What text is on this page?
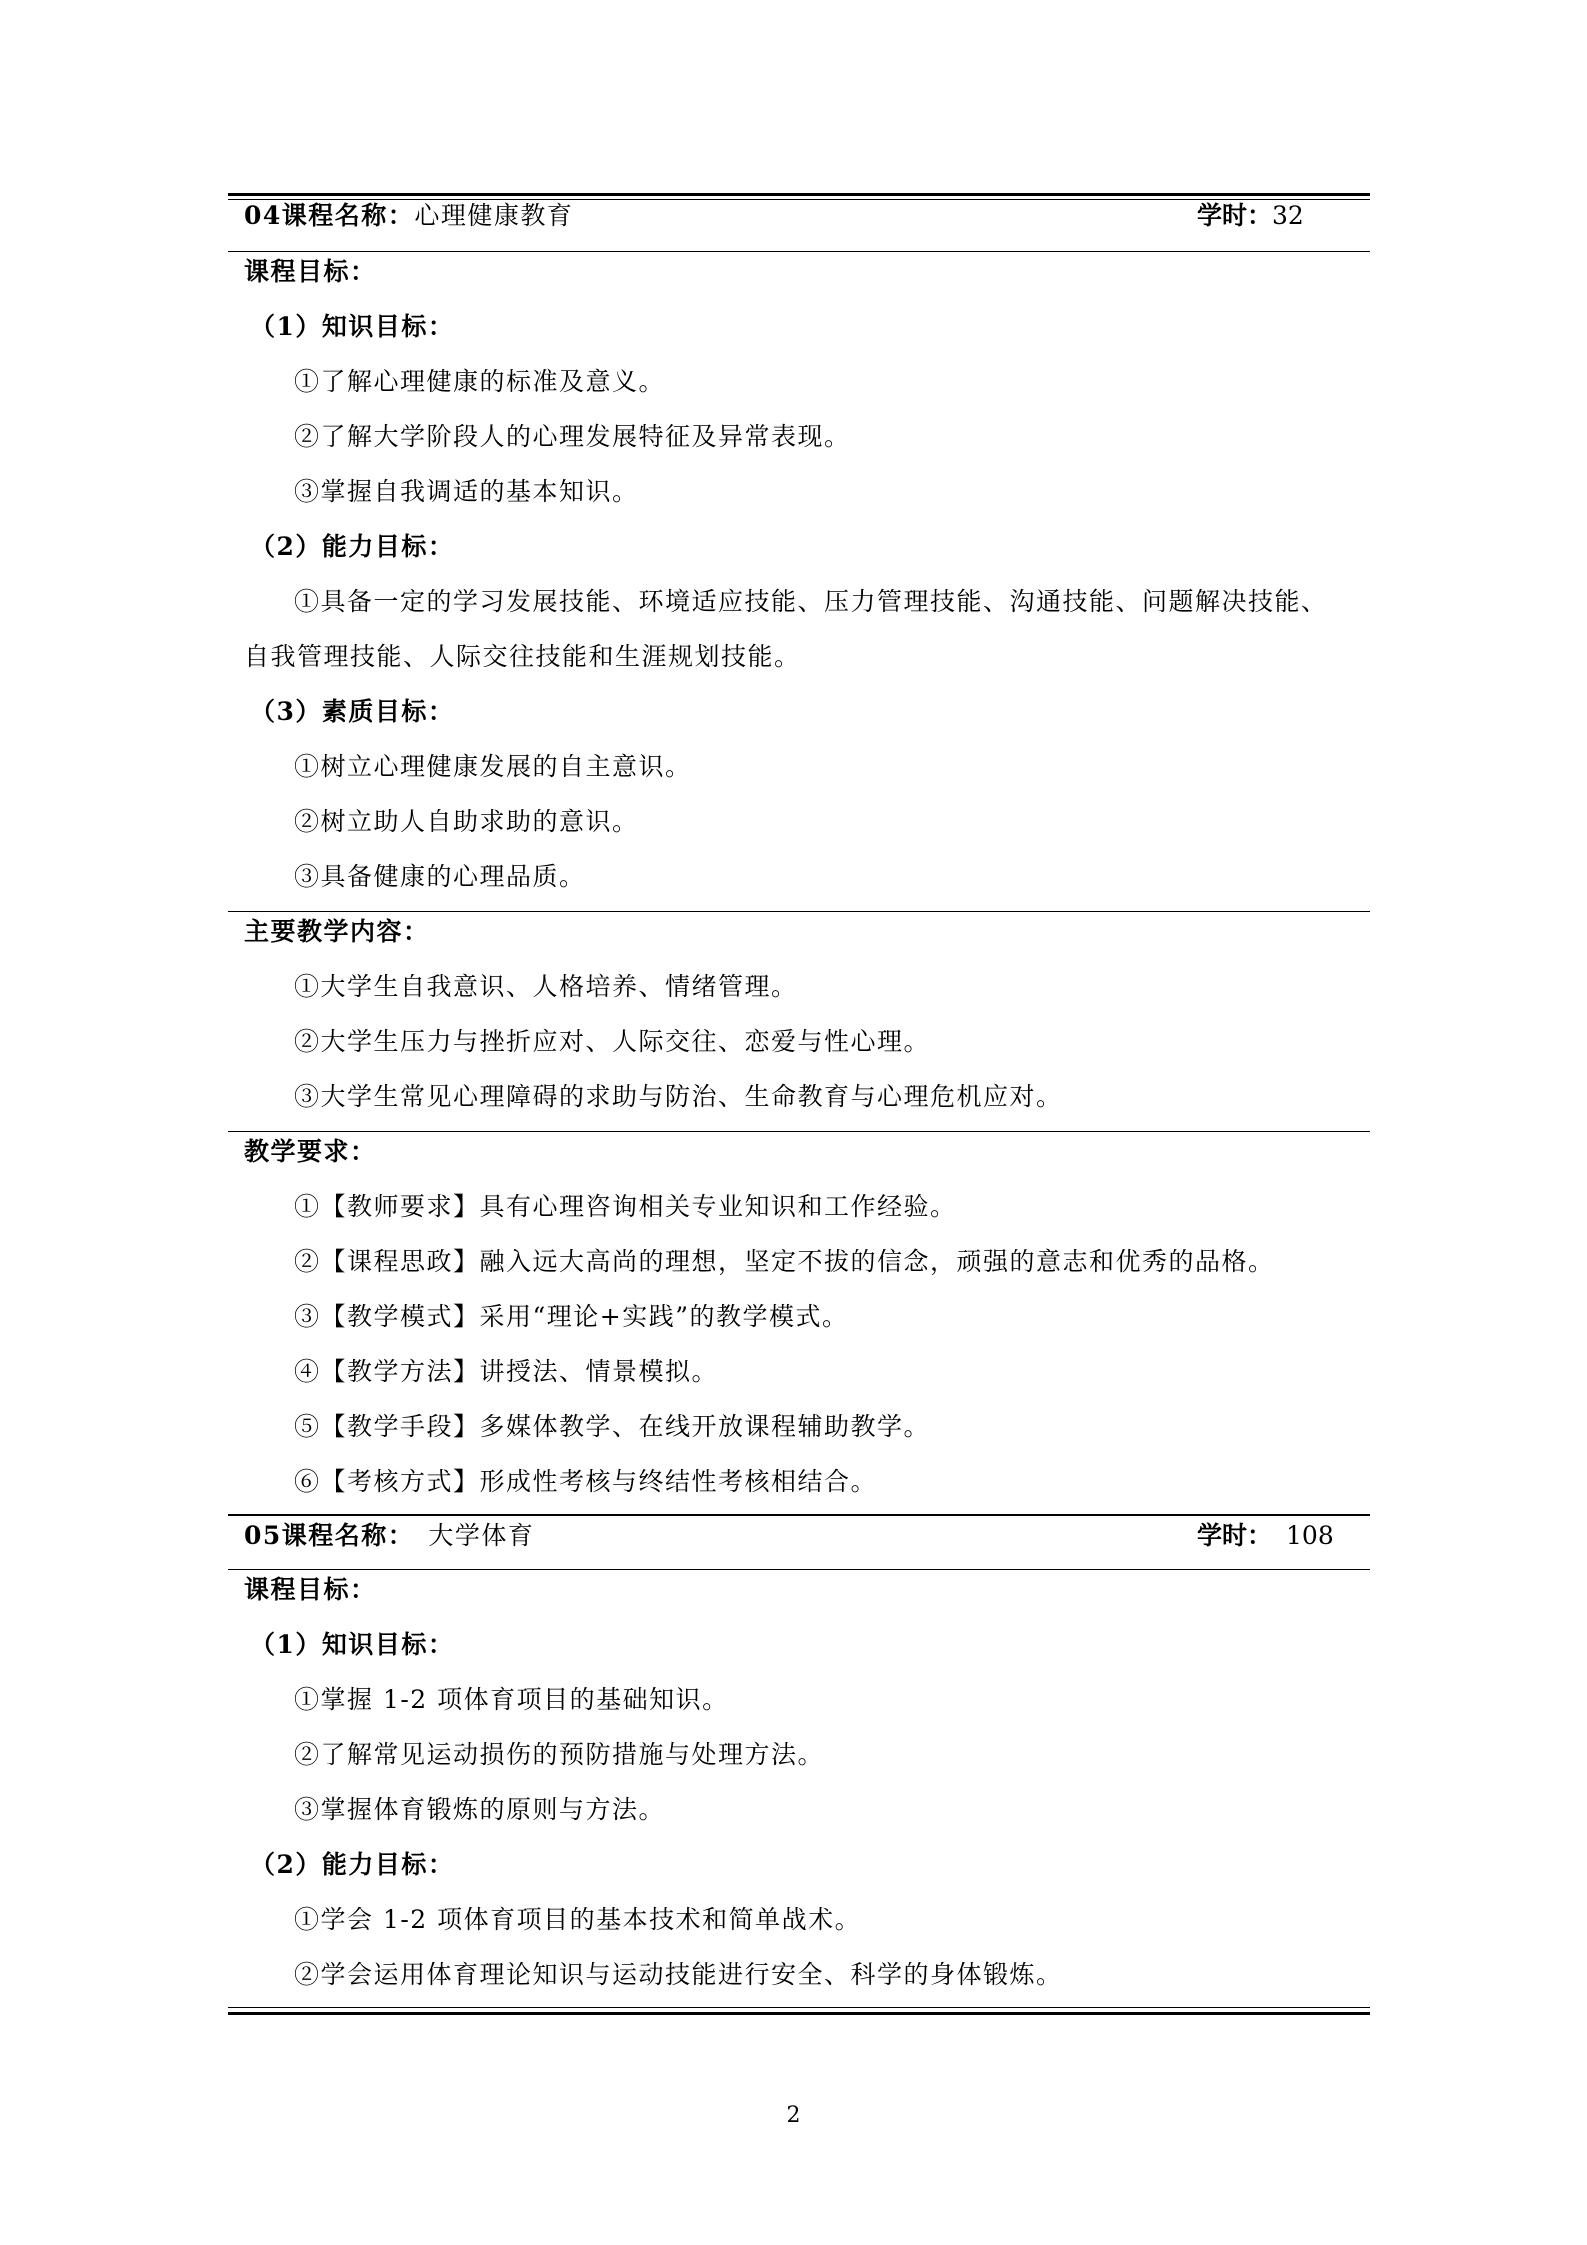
04课程名称：心理健康教育	学时：32
课程目标：
（1）知识目标：
①了解心理健康的标准及意义。
②了解大学阶段人的心理发展特征及异常表现。
③掌握自我调适的基本知识。
（2）能力目标：
①具备一定的学习发展技能、环境适应技能、压力管理技能、沟通技能、问题解决技能、
自我管理技能、人际交往技能和生涯规划技能。
（3）素质目标：
①树立心理健康发展的自主意识。
②树立助人自助求助的意识。
③具备健康的心理品质。
主要教学内容：
①大学生自我意识、人格培养、情绪管理。
②大学生压力与挫折应对、人际交往、恋爱与性心理。
③大学生常见心理障碍的求助与防治、生命教育与心理危机应对。
教学要求：
①【教师要求】具有心理咨询相关专业知识和工作经验。
②【课程思政】融入远大高尚的理想，坚定不拔的信念，顽强的意志和优秀的品格。
③【教学模式】采用“理论+实践”的教学模式。
④【教学方法】讲授法、情景模拟。
⑤【教学手段】多媒体教学、在线开放课程辅助教学。
⑥【考核方式】形成性考核与终结性考核相结合。
05课程名称： 大学体育	学时： 108
课程目标：
（1）知识目标：
①掌握 1-2 项体育项目的基础知识。
②了解常见运动损伤的预防措施与处理方法。
③掌握体育锻炼的原则与方法。
（2）能力目标：
①学会 1-2 项体育项目的基本技术和简单战术。
②学会运用体育理论知识与运动技能进行安全、科学的身体锻炼。
2
